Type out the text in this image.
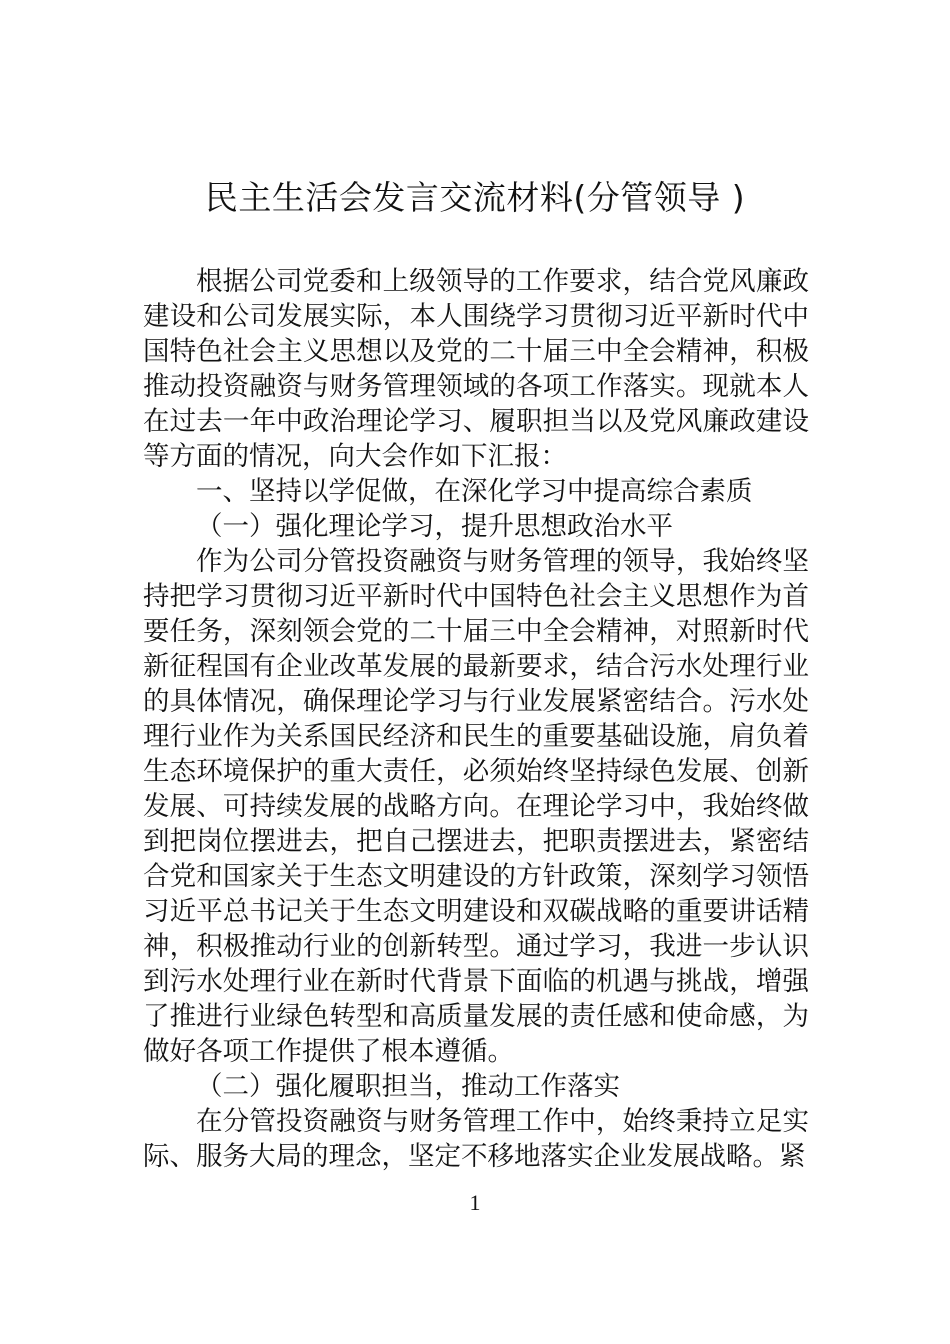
民主生活会发言交流材料(分管领导 )

根据公司党委和上级领导的工作要求，结合党风廉政建设和公司发展实际，本人围绕学习贯彻习近平新时代中国特色社会主义思想以及党的二十届三中全会精神，积极推动投资融资与财务管理领域的各项工作落实。现就本人在过去一年中政治理论学习、履职担当以及党风廉政建设等方面的情况，向大会作如下汇报：

一、坚持以学促做，在深化学习中提高综合素质

（一）强化理论学习，提升思想政治水平

作为公司分管投资融资与财务管理的领导，我始终坚持把学习贯彻习近平新时代中国特色社会主义思想作为首要任务，深刻领会党的二十届三中全会精神，对照新时代新征程国有企业改革发展的最新要求，结合污水处理行业的具体情况，确保理论学习与行业发展紧密结合。污水处理行业作为关系国民经济和民生的重要基础设施，肩负着生态环境保护的重大责任，必须始终坚持绿色发展、创新发展、可持续发展的战略方向。在理论学习中，我始终做到把岗位摆进去，把自己摆进去，把职责摆进去，紧密结合党和国家关于生态文明建设的方针政策，深刻学习领悟习近平总书记关于生态文明建设和双碳战略的重要讲话精神，积极推动行业的创新转型。通过学习，我进一步认识到污水处理行业在新时代背景下面临的机遇与挑战，增强了推进行业绿色转型和高质量发展的责任感和使命感，为做好各项工作提供了根本遵循。

（二）强化履职担当，推动工作落实

在分管投资融资与财务管理工作中，始终秉持立足实际、服务大局的理念，坚定不移地落实企业发展战略。紧

1
